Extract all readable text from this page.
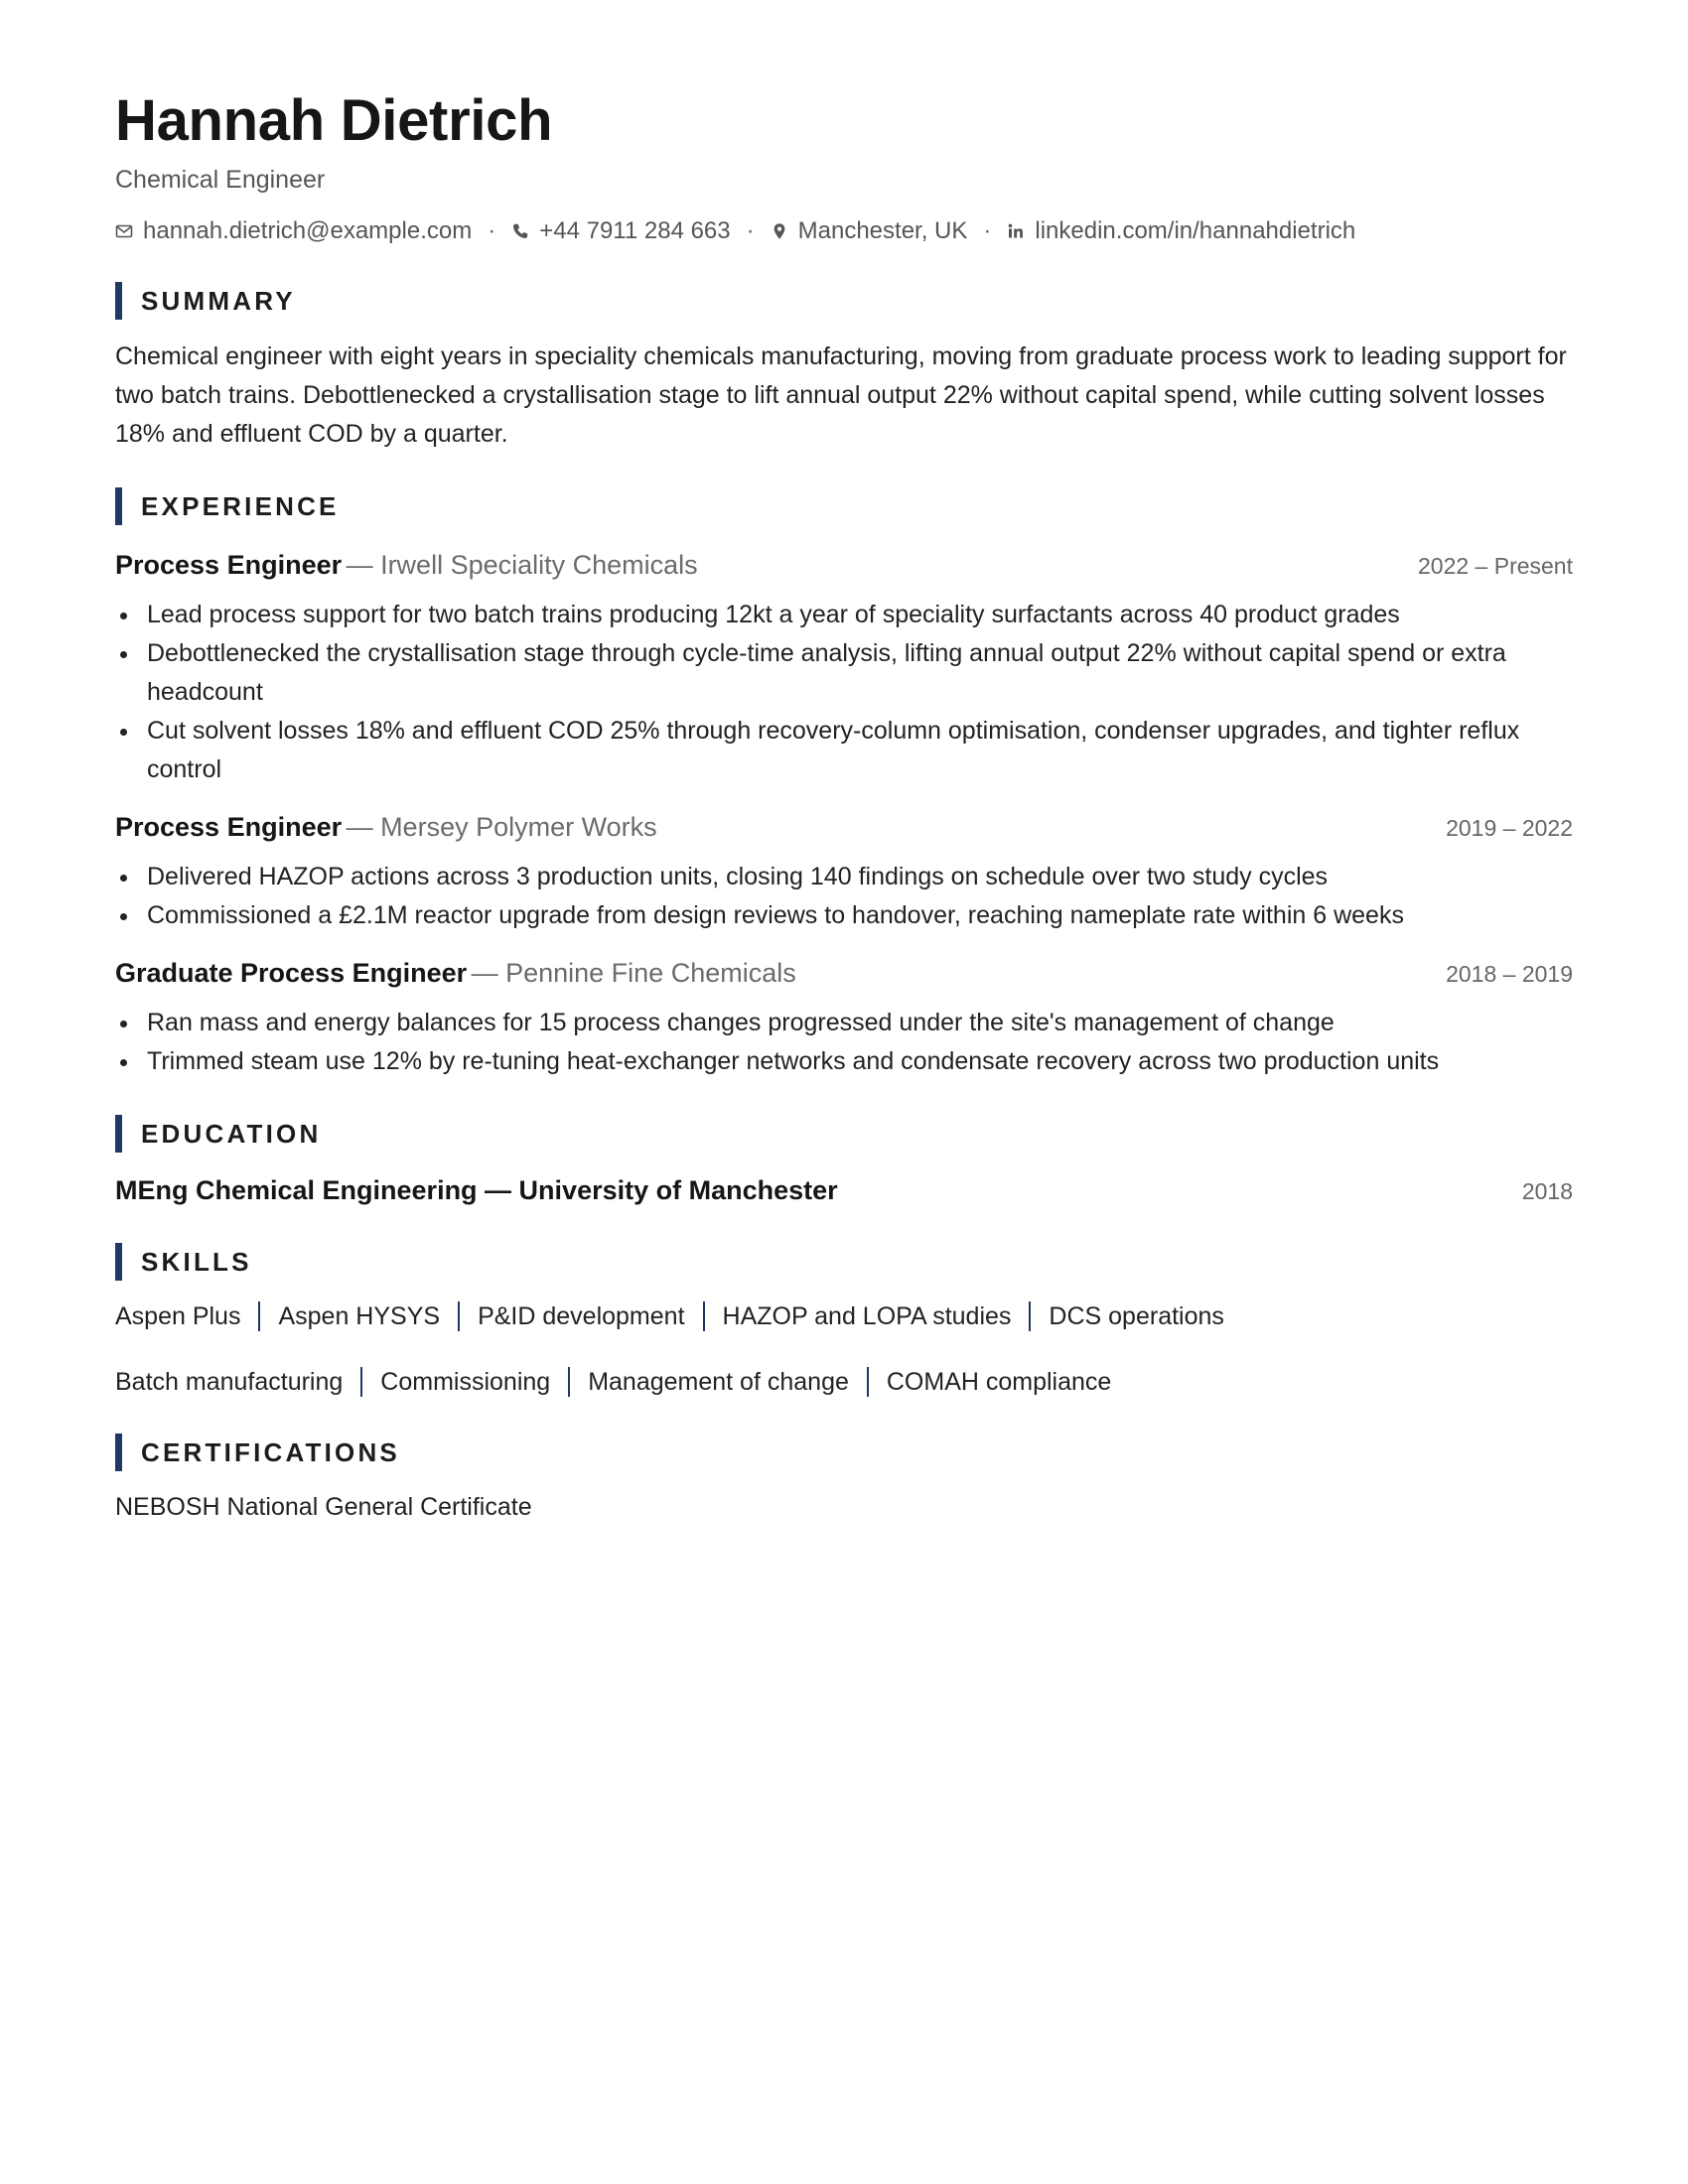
Hannah Dietrich
Chemical Engineer
hannah.dietrich@example.com · +44 7911 284 663 · Manchester, UK · linkedin.com/in/hannahdietrich
SUMMARY

Chemical engineer with eight years in speciality chemicals manufacturing, moving from graduate process work to leading support for two batch trains. Debottlenecked a crystallisation stage to lift annual output 22% without capital spend, while cutting solvent losses 18% and effluent COD by a quarter.

EXPERIENCE
Process Engineer — Irwell Speciality Chemicals	2022 – Present
Lead process support for two batch trains producing 12kt a year of speciality surfactants across 40 product grades
Debottlenecked the crystallisation stage through cycle-time analysis, lifting annual output 22% without capital spend or extra headcount
Cut solvent losses 18% and effluent COD 25% through recovery-column optimisation, condenser upgrades, and tighter reflux control
Process Engineer — Mersey Polymer Works	2019 – 2022
Delivered HAZOP actions across 3 production units, closing 140 findings on schedule over two study cycles
Commissioned a £2.1M reactor upgrade from design reviews to handover, reaching nameplate rate within 6 weeks
Graduate Process Engineer — Pennine Fine Chemicals	2018 – 2019
Ran mass and energy balances for 15 process changes progressed under the site's management of change
Trimmed steam use 12% by re-tuning heat-exchanger networks and condensate recovery across two production units
EDUCATION
MEng Chemical Engineering — University of Manchester	2018
SKILLS
Aspen Plus Aspen HYSYS P&ID development HAZOP and LOPA studies DCS operations
Batch manufacturing Commissioning Management of change COMAH compliance
CERTIFICATIONS
NEBOSH National General Certificate
